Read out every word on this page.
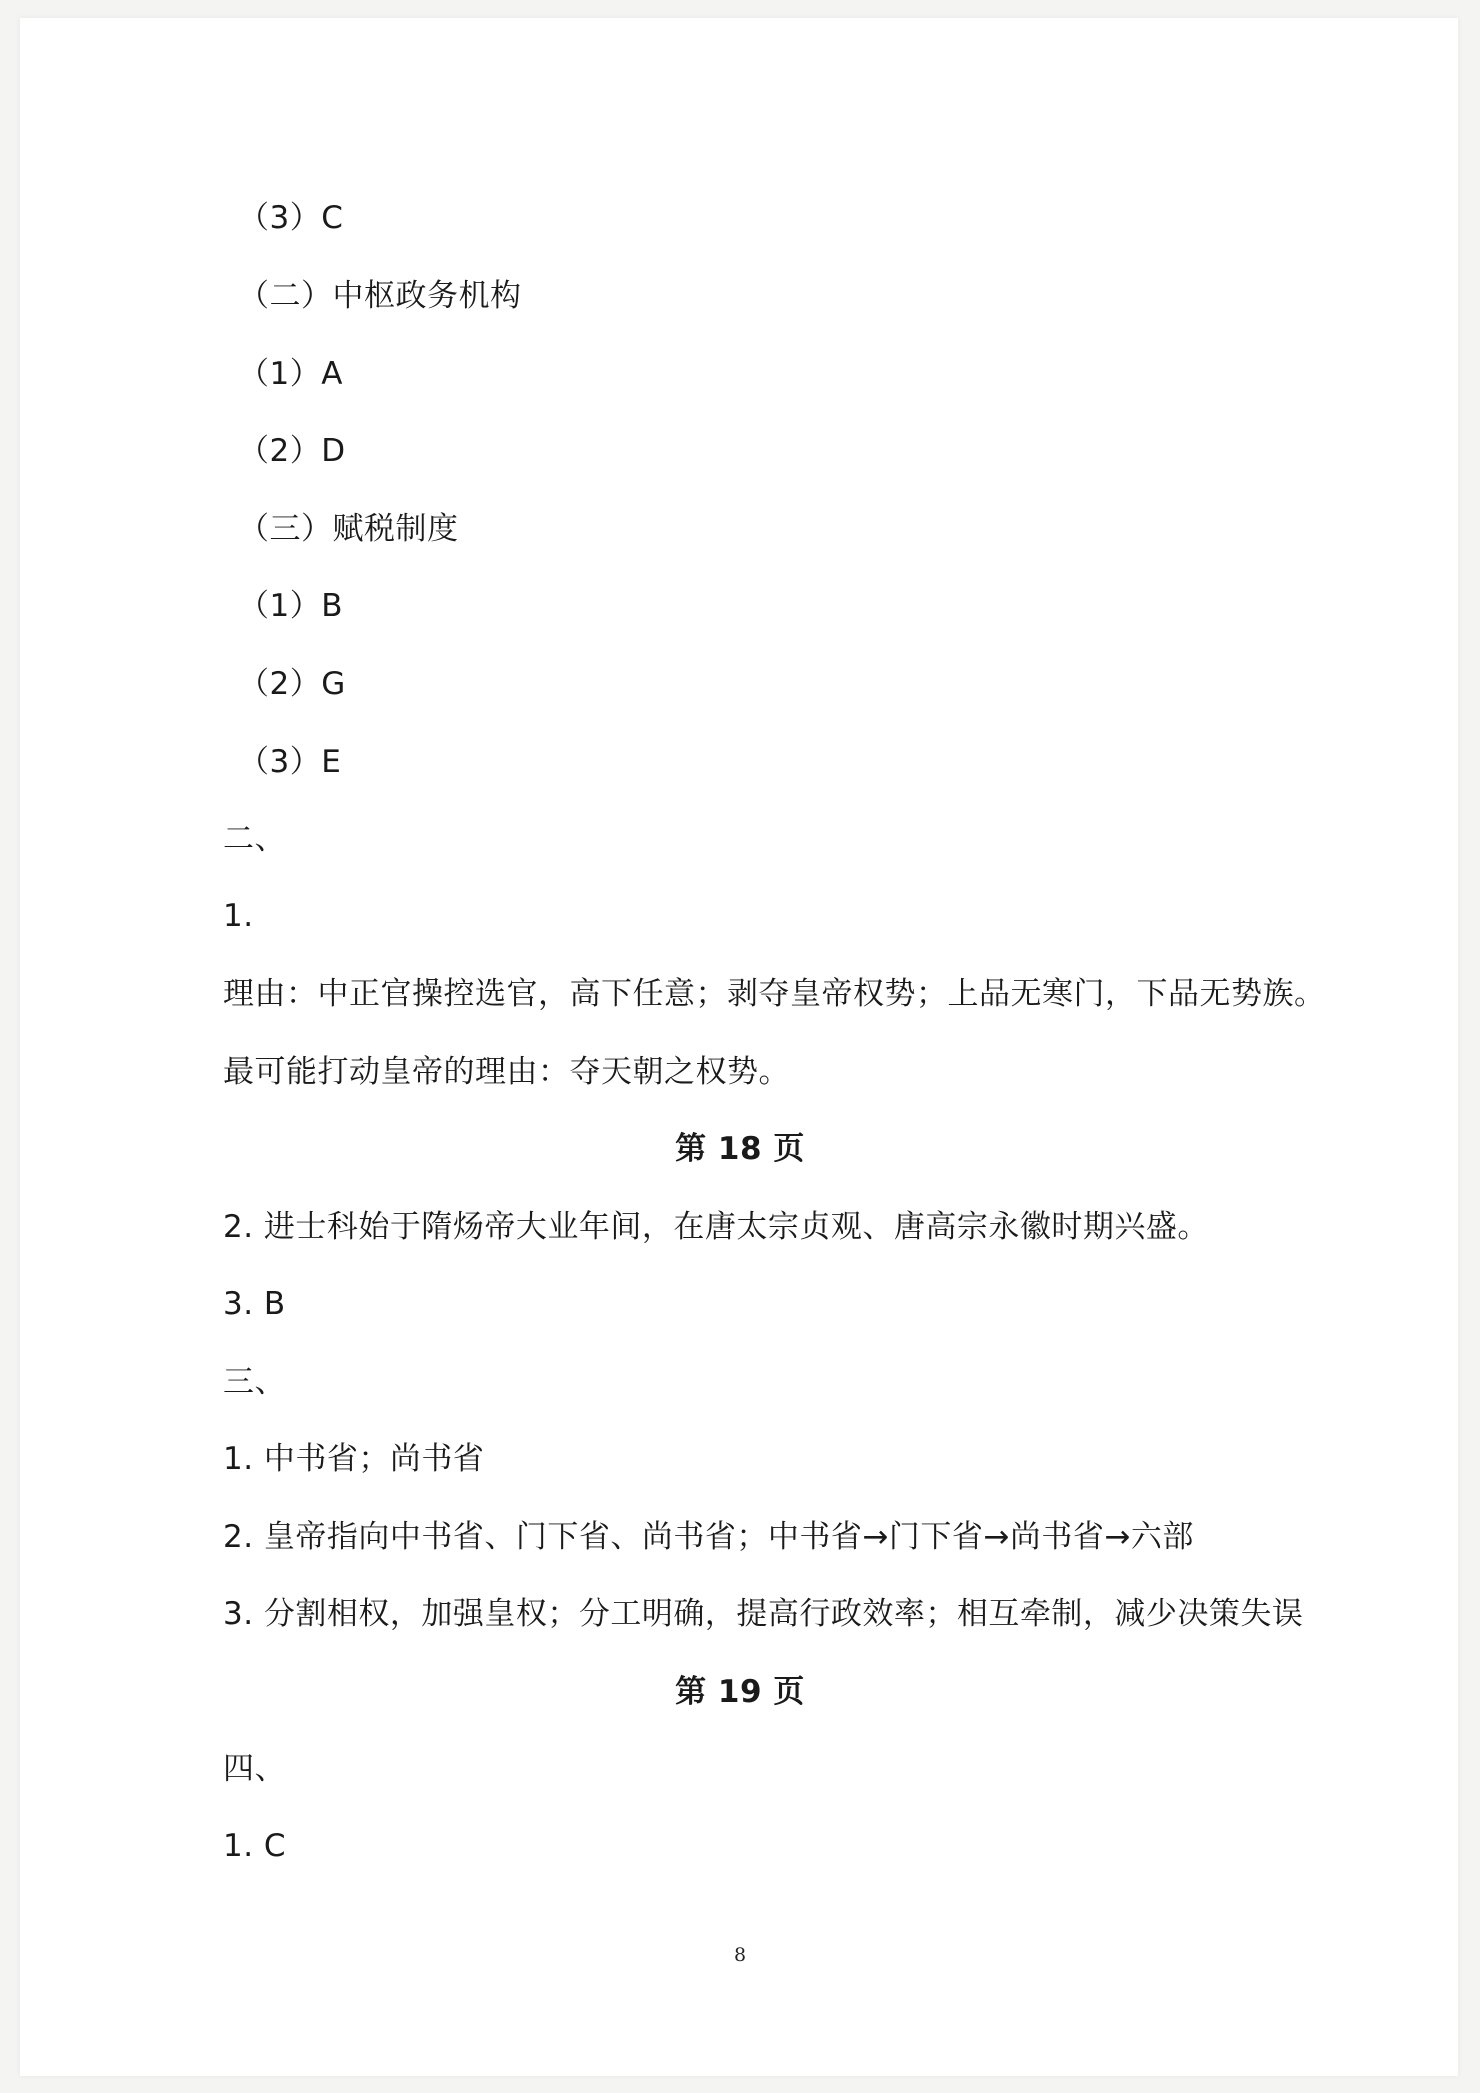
（3）C
（二）中枢政务机构
（1）A
（2）D
（三）赋税制度
（1）B
（2）G
（3）E
二、
1.
理由：中正官操控选官，高下任意；剥夺皇帝权势；上品无寒门，下品无势族。
最可能打动皇帝的理由：夺天朝之权势。
第 18 页
2. 进士科始于隋炀帝大业年间，在唐太宗贞观、唐高宗永徽时期兴盛。
3. B
三、
1. 中书省；尚书省
2. 皇帝指向中书省、门下省、尚书省；中书省→门下省→尚书省→六部
3. 分割相权，加强皇权；分工明确，提高行政效率；相互牵制，减少决策失误
第 19 页
四、
1. C
8
